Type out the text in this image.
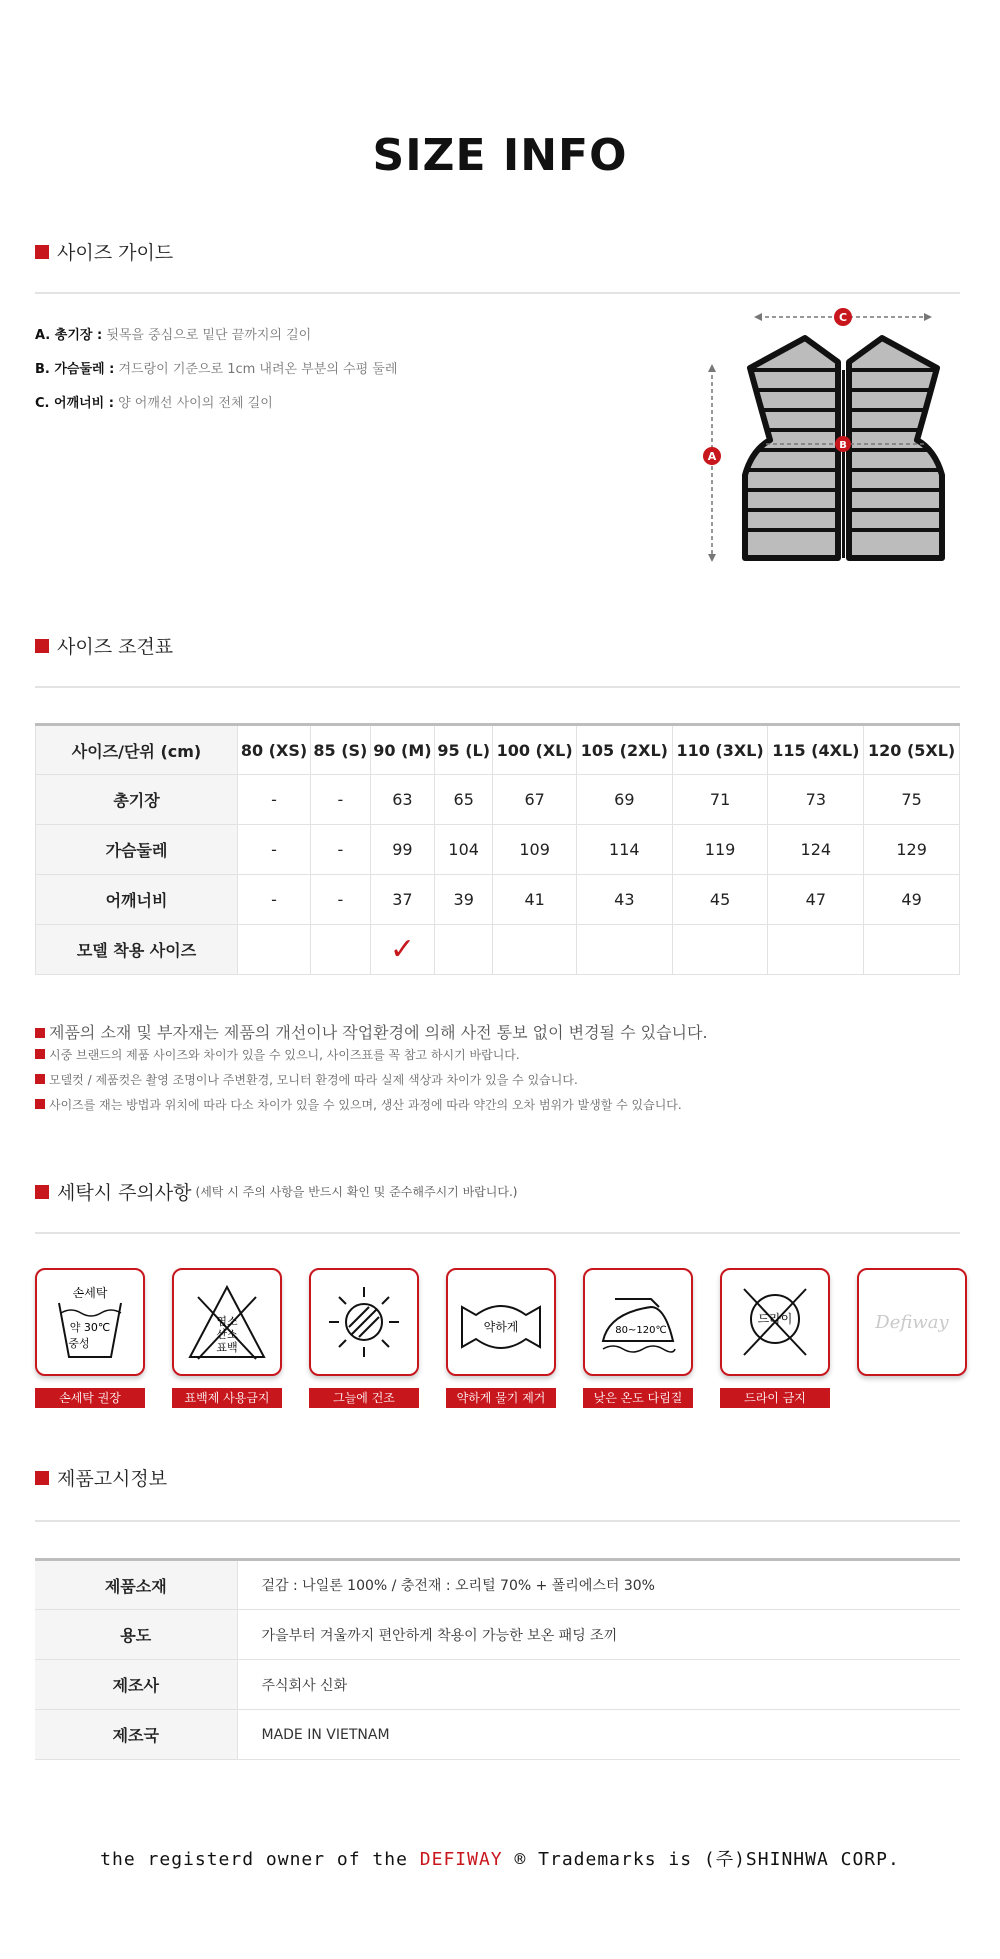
SIZE INFO
사이즈 가이드
A. 총기장 : 뒷목을 중심으로 밑단 끝까지의 길이
B. 가슴둘레 : 겨드랑이 기준으로 1cm 내려온 부분의 수평 둘레
C. 어깨너비 : 양 어깨선 사이의 전체 길이
C
A
B
사이즈 조견표
사이즈/단위 (cm)	80 (XS)	85 (S)	90 (M)	95 (L)	100 (XL)	105 (2XL)	110 (3XL)	115 (4XL)	120 (5XL)
총기장	-	-	63	65	67	69	71	73	75
가슴둘레	-	-	99	104	109	114	119	124	129
어깨너비	-	-	37	39	41	43	45	47	49
모델 착용 사이즈			✓						
제품의 소재 및 부자재는 제품의 개선이나 작업환경에 의해 사전 통보 없이 변경될 수 있습니다.
시중 브랜드의 제품 사이즈와 차이가 있을 수 있으니, 사이즈표를 꼭 참고 하시기 바랍니다.
모델컷 / 제품컷은 촬영 조명이나 주변환경, 모니터 환경에 따라 실제 색상과 차이가 있을 수 있습니다.
사이즈를 재는 방법과 위치에 따라 다소 차이가 있을 수 있으며, 생산 과정에 따라 약간의 오차 범위가 발생할 수 있습니다.
세탁시 주의사항 (세탁 시 주의 사항을 반드시 확인 및 준수해주시기 바랍니다.)
손세탁
약 30℃
중성
손세탁 권장
염소
산소
표백
표백제 사용금지	그늘에 건조
약하게
약하게 물기 제거
80~120℃
낮은 온도 다림질
드라이
드라이 금지
Defiway
제품고시정보
제품소재	겉감 : 나일론 100% / 충전재 : 오리털 70% + 폴리에스터 30%
용도	가을부터 겨울까지 편안하게 착용이 가능한 보온 패딩 조끼
제조사	주식회사 신화
제조국	MADE IN VIETNAM
the registerd owner of the DEFIWAY ® Trademarks is (주)SHINHWA CORP.
